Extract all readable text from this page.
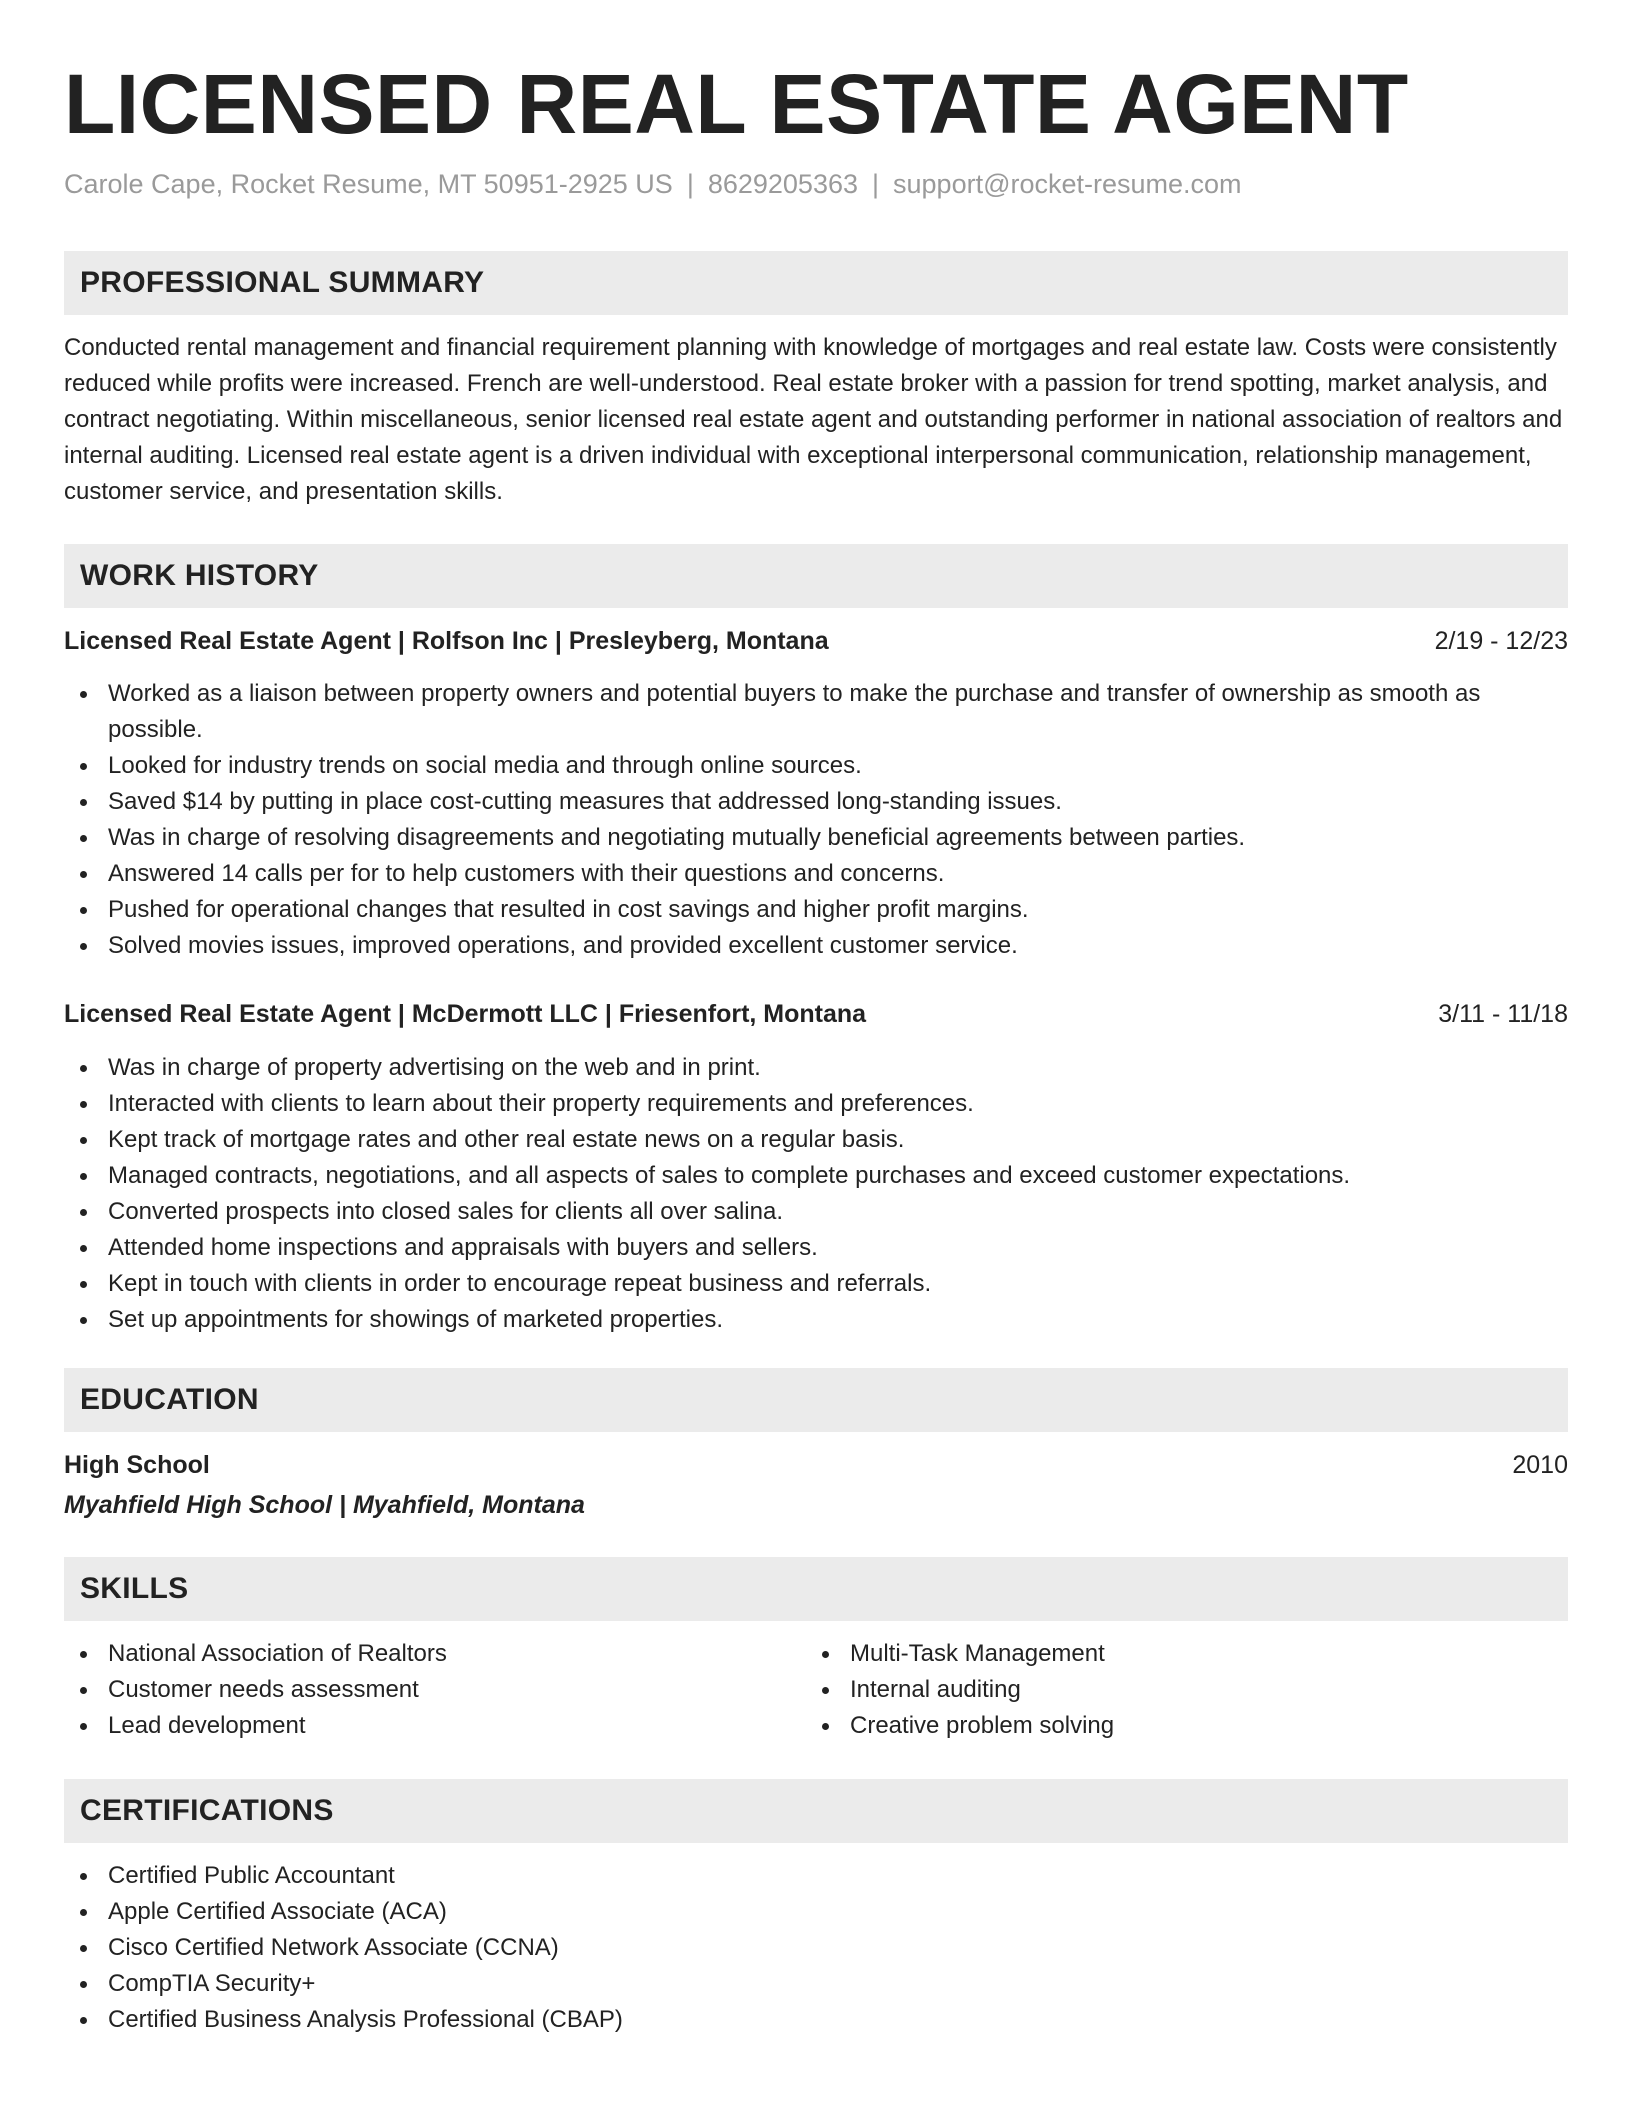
LICENSED REAL ESTATE AGENT
Carole Cape, Rocket Resume, MT 50951-2925 US | 8629205363 | support@rocket-resume.com
PROFESSIONAL SUMMARY

Conducted rental management and financial requirement planning with knowledge of mortgages and real estate law. Costs were consistently reduced while profits were increased. French are well-understood. Real estate broker with a passion for trend spotting, market analysis, and contract negotiating. Within miscellaneous, senior licensed real estate agent and outstanding performer in national association of realtors and internal auditing. Licensed real estate agent is a driven individual with exceptional interpersonal communication, relationship management, customer service, and presentation skills.

WORK HISTORY
Licensed Real Estate Agent | Rolfson Inc | Presleyberg, Montana	2/19 - 12/23
Worked as a liaison between property owners and potential buyers to make the purchase and transfer of ownership as smooth as possible.
Looked for industry trends on social media and through online sources.
Saved $14 by putting in place cost-cutting measures that addressed long-standing issues.
Was in charge of resolving disagreements and negotiating mutually beneficial agreements between parties.
Answered 14 calls per for to help customers with their questions and concerns.
Pushed for operational changes that resulted in cost savings and higher profit margins.
Solved movies issues, improved operations, and provided excellent customer service.
Licensed Real Estate Agent | McDermott LLC | Friesenfort, Montana	3/11 - 11/18
Was in charge of property advertising on the web and in print.
Interacted with clients to learn about their property requirements and preferences.
Kept track of mortgage rates and other real estate news on a regular basis.
Managed contracts, negotiations, and all aspects of sales to complete purchases and exceed customer expectations.
Converted prospects into closed sales for clients all over salina.
Attended home inspections and appraisals with buyers and sellers.
Kept in touch with clients in order to encourage repeat business and referrals.
Set up appointments for showings of marketed properties.
EDUCATION
High School	2010
Myahfield High School | Myahfield, Montana
SKILLS
National Association of Realtors
Customer needs assessment
Lead development
Multi-Task Management
Internal auditing
Creative problem solving
CERTIFICATIONS
Certified Public Accountant
Apple Certified Associate (ACA)
Cisco Certified Network Associate (CCNA)
CompTIA Security+
Certified Business Analysis Professional (CBAP)
